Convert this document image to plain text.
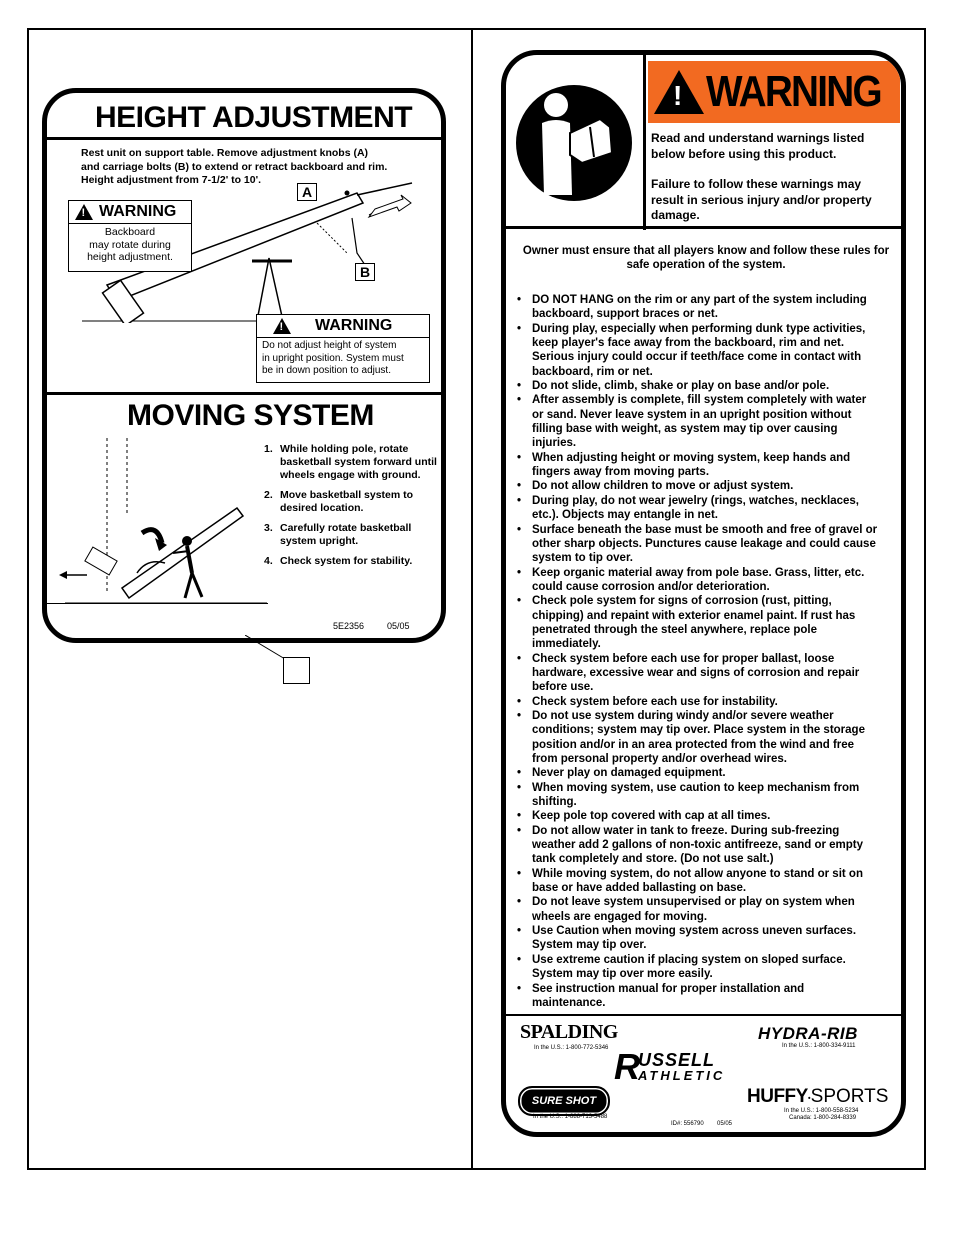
HEIGHT ADJUSTMENT
Rest unit on support table. Remove adjustment knobs (A)
and carriage bolts (B) to extend or retract backboard and rim.
Height adjustment from 7-1/2' to 10'.
A
B
!
WARNING
Backboard
may rotate during
height adjustment.
!
WARNING
Do not adjust height of system
in upright position. System must
be in down position to adjust.
MOVING SYSTEM
1. While holding pole, rotate basketball system forward until wheels engage with ground.
2. Move basketball system to desired location.
3. Carefully rotate basketball system upright.
4. Check system for stability.
5E2356	05/05
!
WARNING
Read and understand warnings listed below before using this product.
Failure to follow these warnings may result in serious injury and/or property damage.
Owner must ensure that all players know and follow these rules for safe operation of the system.
• DO NOT HANG on the rim or any part of the system including
backboard, support braces or net.
• During play, especially when performing dunk type activities,
keep player's face away from the backboard, rim and net.
Serious injury could occur if teeth/face come in contact with
backboard, rim or net.
• Do not slide, climb, shake or play on base and/or pole.
• After assembly is complete, fill system completely with water
or sand. Never leave system in an upright position without
filling base with weight, as system may tip over causing
injuries.
• When adjusting height or moving system, keep hands and
fingers away from moving parts.
• Do not allow children to move or adjust system.
• During play, do not wear jewelry (rings, watches, necklaces,
etc.). Objects may entangle in net.
• Surface beneath the base must be smooth and free of gravel or
other sharp objects. Punctures cause leakage and could cause
system to tip over.
• Keep organic material away from pole base. Grass, litter, etc.
could cause corrosion and/or deterioration.
• Check pole system for signs of corrosion (rust, pitting,
chipping) and repaint with exterior enamel paint. If rust has
penetrated through the steel anywhere, replace pole
immediately.
• Check system before each use for proper ballast, loose
hardware, excessive wear and signs of corrosion and repair
before use.
• Check system before each use for instability.
• Do not use system during windy and/or severe weather
conditions; system may tip over. Place system in the storage
position and/or in an area protected from the wind and free
from personal property and/or overhead wires.
• Never play on damaged equipment.
• When moving system, use caution to keep mechanism from
shifting.
• Keep pole top covered with cap at all times.
• Do not allow water in tank to freeze. During sub-freezing
weather add 2 gallons of non-toxic antifreeze, sand or empty
tank completely and store. (Do not use salt.)
• While moving system, do not allow anyone to stand or sit on
base or have added ballasting on base.
• Do not leave system unsupervised or play on system when
wheels are engaged for moving.
• Use Caution when moving system across uneven surfaces.
System may tip over.
• Use extreme caution if placing system on sloped surface.
System may tip over more easily.
• See instruction manual for proper installation and
maintenance.
SPALDING
In the U.S.: 1-800-772-5346
HYDRA-RIB
In the U.S.: 1-800-334-9111
R
USSELL
ATHLETIC
SURE SHOT
In the U.S.: 1-888-713-5488
HUFFY•SPORTS
In the U.S.: 1-800-558-5234
Canada: 1-800-284-8339
ID#: 556790 05/05
